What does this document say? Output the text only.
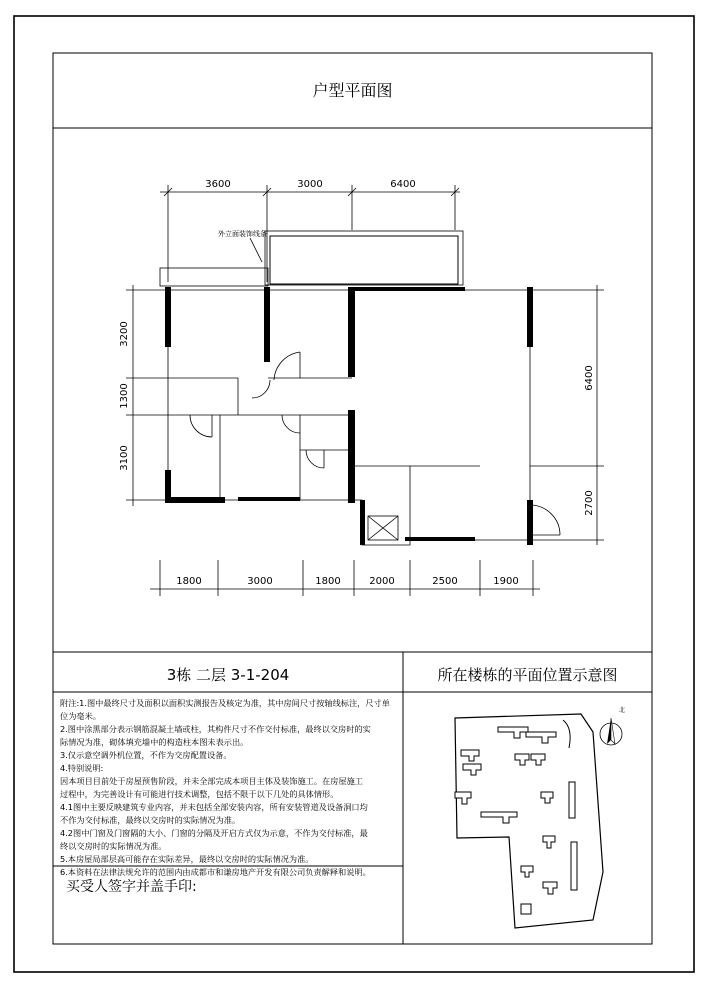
户型平面图
3栋 二层 3-1-204	所在楼栋的平面位置示意图
买受人签字并盖手印:
附注:1.图中最终尺寸及面积以面积实测报告及核定为准，其中房间尺寸按轴线标注，尺寸单
位为毫米。
2.图中涂黑部分表示钢筋混凝土墙或柱，其构件尺寸不作交付标准，最终以交房时的实
际情况为准，砌体填充墙中的构造柱本图未表示出。
3.仅示意空调外机位置，不作为交房配置设备。
4.特别说明:
因本项目目前处于房屋预售阶段，并未全部完成本项目主体及装饰施工。在房屋施工
过程中，为完善设计有可能进行技术调整，包括不限于以下几处的具体情形。
4.1图中主要反映建筑专业内容，并未包括全部安装内容，所有安装管道及设备洞口均
不作为交付标准，最终以交房时的实际情况为准。
4.2图中门窗及门窗隔的大小、门窗的分隔及开启方式仅为示意，不作为交付标准，最
终以交房时的实际情况为准。
5.本房屋局部层高可能存在实际差异，最终以交房时的实际情况为准。
6.本资料在法律法规允许的范围内由成都市和谦房地产开发有限公司负责解释和说明。
3600	3000	6400
1800	3000	1800	2000	2500	1900
3200
1300
3100
6400
2700
外立面装饰线条
北
